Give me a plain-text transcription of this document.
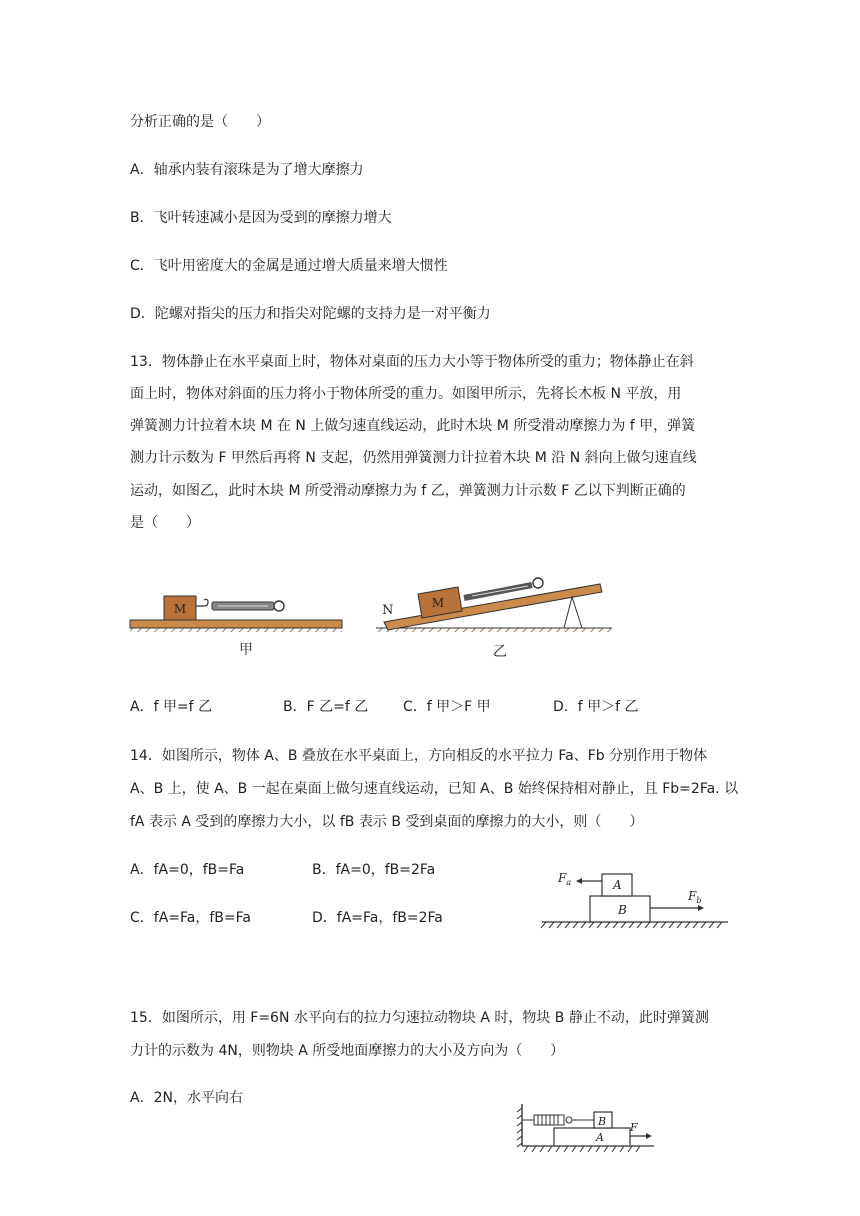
分析正确的是（　　）
A．轴承内装有滚珠是为了增大摩擦力
B．飞叶转速减小是因为受到的摩擦力增大
C．飞叶用密度大的金属是通过增大质量来增大惯性
D．陀螺对指尖的压力和指尖对陀螺的支持力是一对平衡力
13．物体静止在水平桌面上时，物体对桌面的压力大小等于物体所受的重力；物体静止在斜
面上时，物体对斜面的压力将小于物体所受的重力。如图甲所示，先将长木板 N 平放，用
弹簧测力计拉着木块 M 在 N 上做匀速直线运动，此时木块 M 所受滑动摩擦力为 f 甲，弹簧
测力计示数为 F 甲然后再将 N 支起，仍然用弹簧测力计拉着木块 M 沿 N 斜向上做匀速直线
运动，如图乙，此时木块 M 所受滑动摩擦力为 f 乙，弹簧测力计示数 F 乙以下判断正确的
是（　　）
M
甲
N	M
乙
A．f 甲=f 乙	B．F 乙=f 乙 C．f 甲＞F 甲	D．f 甲＞f 乙
14．如图所示，物体 A、B 叠放在水平桌面上，方向相反的水平拉力 Fa、Fb 分别作用于物体
A、B 上，使 A、B 一起在桌面上做匀速直线运动，已知 A、B 始终保持相对静止，且 Fb=2Fa. 以
fA 表示 A 受到的摩擦力大小，以 fB 表示 B 受到桌面的摩擦力的大小，则（　　）
A．fA=0，fB=Fa	B．fA=0，fB=2Fa
C．fA=Fa，fB=Fa	D．fA=Fa，fB=2Fa	B
A
$F_a$
$F_b$
15．如图所示，用 F=6N 水平向右的拉力匀速拉动物块 A 时，物块 B 静止不动，此时弹簧测
力计的示数为 4N，则物块 A 所受地面摩擦力的大小及方向为（　　）
A．2N，水平向右
A
B F
